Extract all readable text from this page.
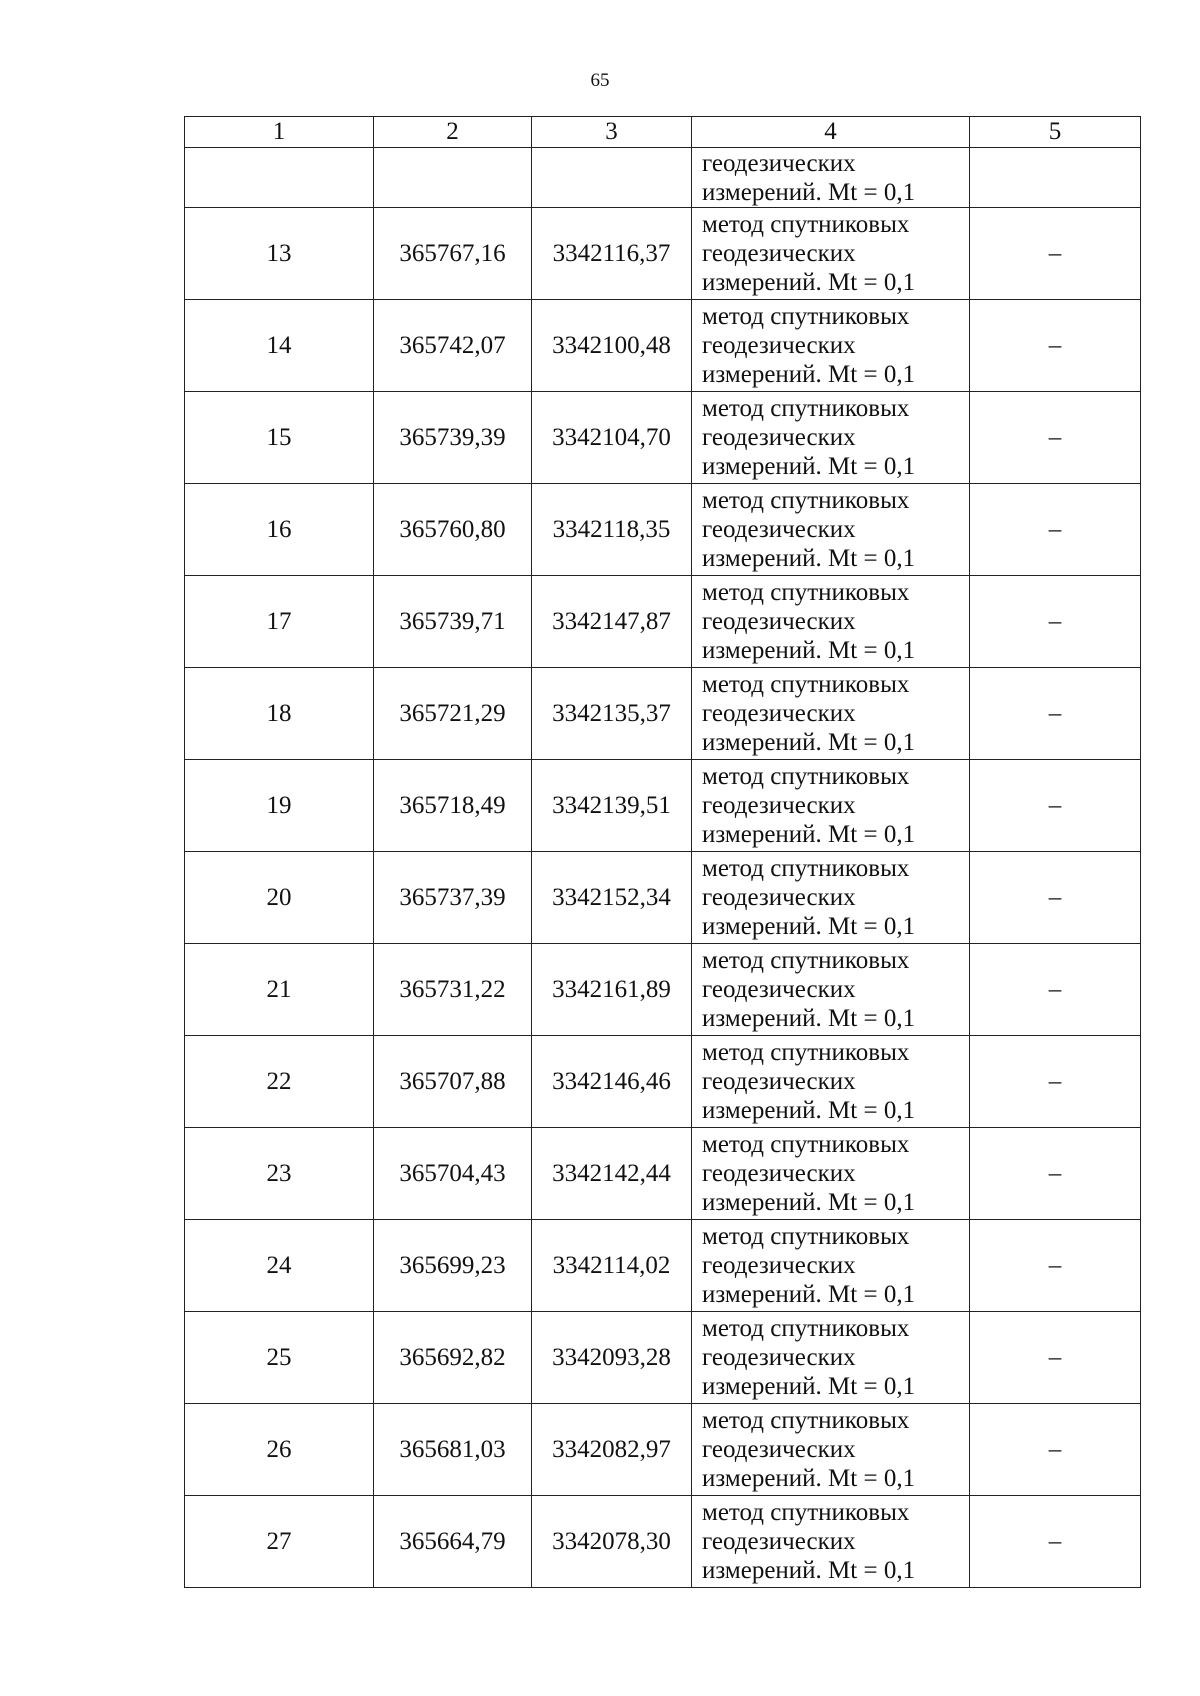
65
1	2	3	4	5

			геодезических
измерений. Mt = 0,1	

13	365767,16	3342116,37	метод спутниковых
геодезических
измерений. Mt = 0,1	–
14	365742,07	3342100,48	метод спутниковых
геодезических
измерений. Mt = 0,1	–
15	365739,39	3342104,70	метод спутниковых
геодезических
измерений. Mt = 0,1	–
16	365760,80	3342118,35	метод спутниковых
геодезических
измерений. Mt = 0,1	–
17	365739,71	3342147,87	метод спутниковых
геодезических
измерений. Mt = 0,1	–
18	365721,29	3342135,37	метод спутниковых
геодезических
измерений. Mt = 0,1	–
19	365718,49	3342139,51	метод спутниковых
геодезических
измерений. Mt = 0,1	–
20	365737,39	3342152,34	метод спутниковых
геодезических
измерений. Mt = 0,1	–
21	365731,22	3342161,89	метод спутниковых
геодезических
измерений. Mt = 0,1	–
22	365707,88	3342146,46	метод спутниковых
геодезических
измерений. Mt = 0,1	–
23	365704,43	3342142,44	метод спутниковых
геодезических
измерений. Mt = 0,1	–
24	365699,23	3342114,02	метод спутниковых
геодезических
измерений. Mt = 0,1	–
25	365692,82	3342093,28	метод спутниковых
геодезических
измерений. Mt = 0,1	–
26	365681,03	3342082,97	метод спутниковых
геодезических
измерений. Mt = 0,1	–
27	365664,79	3342078,30	метод спутниковых
геодезических
измерений. Mt = 0,1	–
